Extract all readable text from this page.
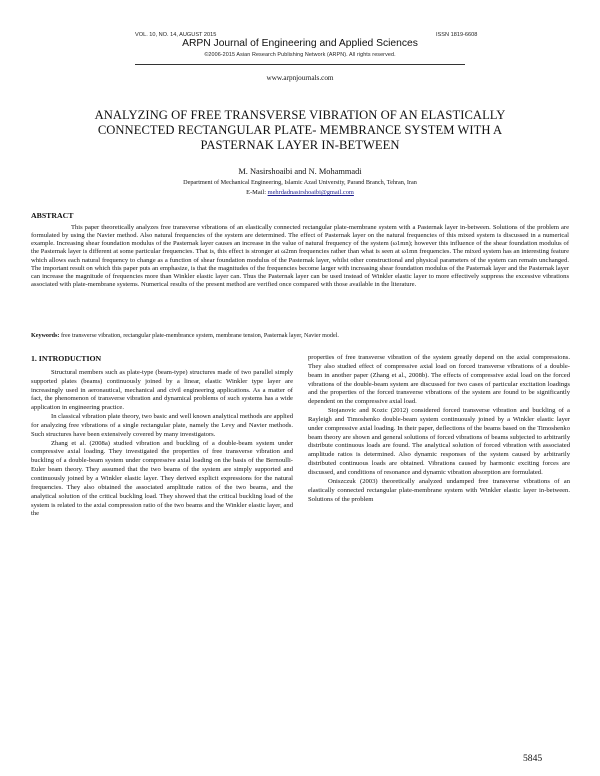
VOL. 10, NO. 14, AUGUST 2015	ISSN 1819-6608
ARPN Journal of Engineering and Applied Sciences
©2006-2015 Asian Research Publishing Network (ARPN). All rights reserved.
www.arpnjournals.com
ANALYZING OF FREE TRANSVERSE VIBRATION OF AN ELASTICALLY CONNECTED RECTANGULAR PLATE- MEMBRANCE SYSTEM WITH A PASTERNAK LAYER IN-BETWEEN
M. Nasirshoaibi and N. Mohammadi
Department of Mechanical Engineering, Islamic Azad University, Parand Branch, Tehran, Iran
E-Mail: mehrdadnasirshoaibi@gmail.com
ABSTRACT
This paper theoretically analyzes free transverse vibrations of an elastically connected rectangular plate-membrane system with a Pasternak layer in-between. Solutions of the problem are formulated by using the Navier method. Also natural frequencies of the system are determined. The effect of Pasternak layer on the natural frequencies of this mixed system is discussed in a numerical example. Increasing shear foundation modulus of the Pasternak layer causes an increase in the value of natural frequency of the system (ω1mn); however this influence of the shear foundation modulus of the Pasternak layer is different at some particular frequencies. That is, this effect is stronger at ω2mn frequencies rather than what is seen at ω1mn frequencies. The mixed system has an interesting feature which allows each natural frequency to change as a function of shear foundation modulus of the Pasternak layer, whilst other constructional and physical parameters of the system can remain unchanged. The important result on which this paper puts an emphasize, is that the magnitudes of the frequencies become larger with increasing shear foundation modulus of the Pasternak layer and the Pasternak layer can increase the magnitude of frequencies more than Winkler elastic layer can. Thus the Pasternak layer can be used instead of Winkler elastic layer to more effectively suppress the excessive vibrations associated with plate-membrane systems. Numerical results of the present method are verified once compared with those available in the literature.
Keywords: free transverse vibration, rectangular plate-membrance system, membrane tension, Pasternak layer, Navier model.
1. INTRODUCTION

Structural members such as plate-type (beam-type) structures made of two parallel simply supported plates (beams) continuously joined by a linear, elastic Winkler type layer are increasingly used in aeronautical, mechanical and civil engineering applications. As a matter of fact, the phenomenon of transverse vibration and dynamical problems of such systems has a wide application in engineering practice.

In classical vibration plate theory, two basic and well known analytical methods are applied for analyzing free vibrations of a single rectangular plate, namely the Levy and Navier methods. Such structures have been extensively covered by many investigators.

Zhang et al. (2008a) studied vibration and buckling of a double-beam system under compressive axial loading. They investigated the properties of free transverse vibration and buckling of a double-beam system under compressive axial loading on the basis of the Bernoulli-Euler beam theory. They assumed that the two beams of the system are simply supported and continuously joined by a Winkler elastic layer. They derived explicit expressions for the natural frequencies. They also obtained the associated amplitude ratios of the two beams, and the analytical solution of the critical buckling load. They showed that the critical buckling load of the system is related to the axial compression ratio of the two beams and the Winkler elastic layer, and the

properties of free transverse vibration of the system greatly depend on the axial compressions. They also studied effect of compressive axial load on forced transverse vibrations of a double-beam in another paper (Zhang et al., 2008b). The effects of compressive axial load on the forced vibrations of the double-beam system are discussed for two cases of particular excitation loadings and the properties of the forced transverse vibrations of the system are found to be significantly dependent on the compressive axial load.

Stojanovic and Kozic (2012) considered forced transverse vibration and buckling of a Rayleigh and Timoshenko double-beam system continuously joined by a Winkler elastic layer under compressive axial loading. In their paper, deflections of the beams based on the Timoshenko beam theory are shown and general solutions of forced vibrations of beams subjected to arbitrarily distribute continuous loads are found. The analytical solution of forced vibration with associated amplitude ratios is determined. Also dynamic responses of the system caused by arbitrarily distributed continuous loads are obtained. Vibrations caused by harmonic exciting forces are discussed, and conditions of resonance and dynamic vibration absorption are formulated.

Oniszczuk (2003) theoretically analyzed undamped free transverse vibrations of an elastically connected rectangular plate-membrane system with Winkler elastic layer in-between. Solutions of the problem

5845
